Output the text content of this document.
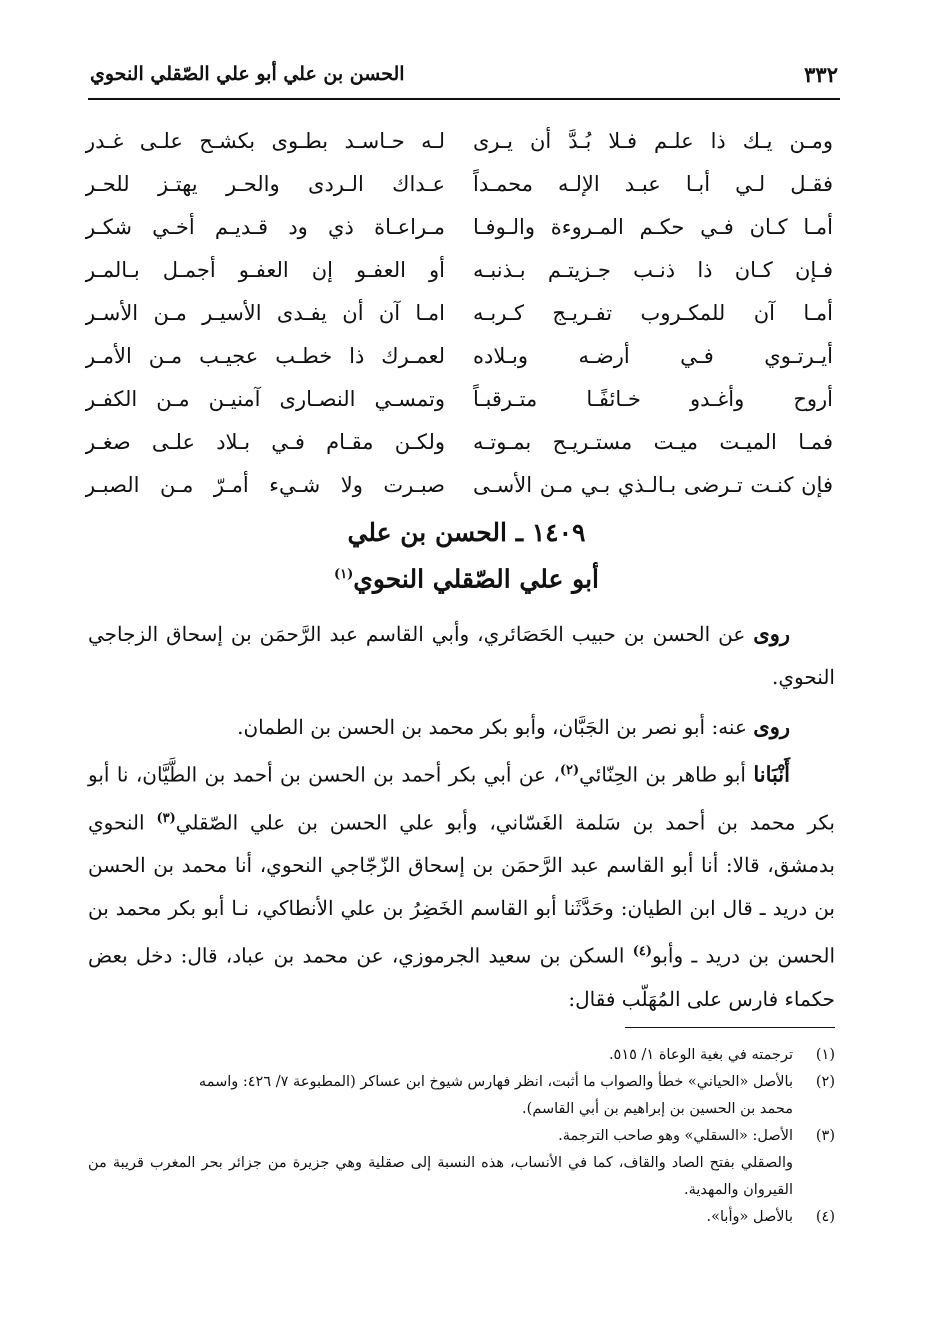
٣٣٢
الحسن بن علي أبو علي الصّقلي النحوي
ومـن يـك ذا علـم فـلا بُـدَّ أن يـرى
لـه حـاسـد بطـوى بكشـح علـى غـدر
فقـل لـي أبـا عبـد الإلـه محمـداً
عـداك الـردى والحـر يهتـز للحـر
أمـا كـان فـي حكـم المـروءة والـوفـا
مـراعـاة ذي ود قـديـم أخـي شكـر
فـإن كـان ذا ذنـب جـزيتـم بـذنبـه
أو العفـو إن العفـو أجمـل بـالمـر
أمـا آن للمكـروب تفـريـج كـربـه
امـا آن أن يفـدى الأسيـر مـن الأسـر
أيـرتـوي فـي أرضـه وبـلاده
لعمـرك ذا خطـب عجيـب مـن الأمـر
أروح وأغـدو خـائفًـا متـرقبـاً
وتمسـي النصـارى آمنيـن مـن الكفـر
فمـا الميـت ميـت مستـريـح بمـوتـه
ولكـن مقـام فـي بـلاد علـى صغـر
فإن كنـت تـرضى بـالـذي بـي مـن الأسـى
صبـرت ولا شـيء أمـرّ مـن الصبـر
١٤٠٩ ـ الحسن بن علي
أبو علي الصّقلي النحوي$^{(١)}$

روى عن الحسن بن حبيب الحَصَائري، وأبي القاسم عبد الرَّحمَن بن إسحاق الزجاجي النحوي.

روى عنه: أبو نصر بن الجَبَّان، وأبو بكر محمد بن الحسن بن الطمان.

أَنْبَانا أبو طاهر بن الحِنّائي$^{(٢)}$، عن أبي بكر أحمد بن الحسن بن أحمد بن الطَّيَّان، نا أبو بكر محمد بن أحمد بن سَلمة الغَسّاني، وأبو علي الحسن بن علي الصّقلي$^{(٣)}$ النحوي بدمشق، قالا: أنا أبو القاسم عبد الرَّحمَن بن إسحاق الزّجّاجي النحوي، أنا محمد بن الحسن بن دريد ـ قال ابن الطيان: وحَدَّثَنا أبو القاسم الخَضِرُ بن علي الأنطاكي، نـا أبو بكر محمد بن الحسن بن دريد ـ وأبو$^{(٤)}$ السكن بن سعيد الجرموزي، عن محمد بن عباد، قال: دخل بعض حكماء فارس على المُهَلّب فقال:

(١)
ترجمته في بغية الوعاة ١/ ٥١٥.
(٢)
بالأصل «الحياني» خطأ والصواب ما أثبت، انظر فهارس شيوخ ابن عساكر (المطبوعة ٧/ ٤٢٦: واسمه
محمد بن الحسين بن إبراهيم بن أبي القاسم).
(٣)
الأصل: «السقلي» وهو صاحب الترجمة.
والصقلي بفتح الصاد والقاف، كما في الأنساب، هذه النسبة إلى صقلية وهي جزيرة من جزائر بحر المغرب قريبة من القيروان والمهدية.
(٤)
بالأصل «وأبا».
